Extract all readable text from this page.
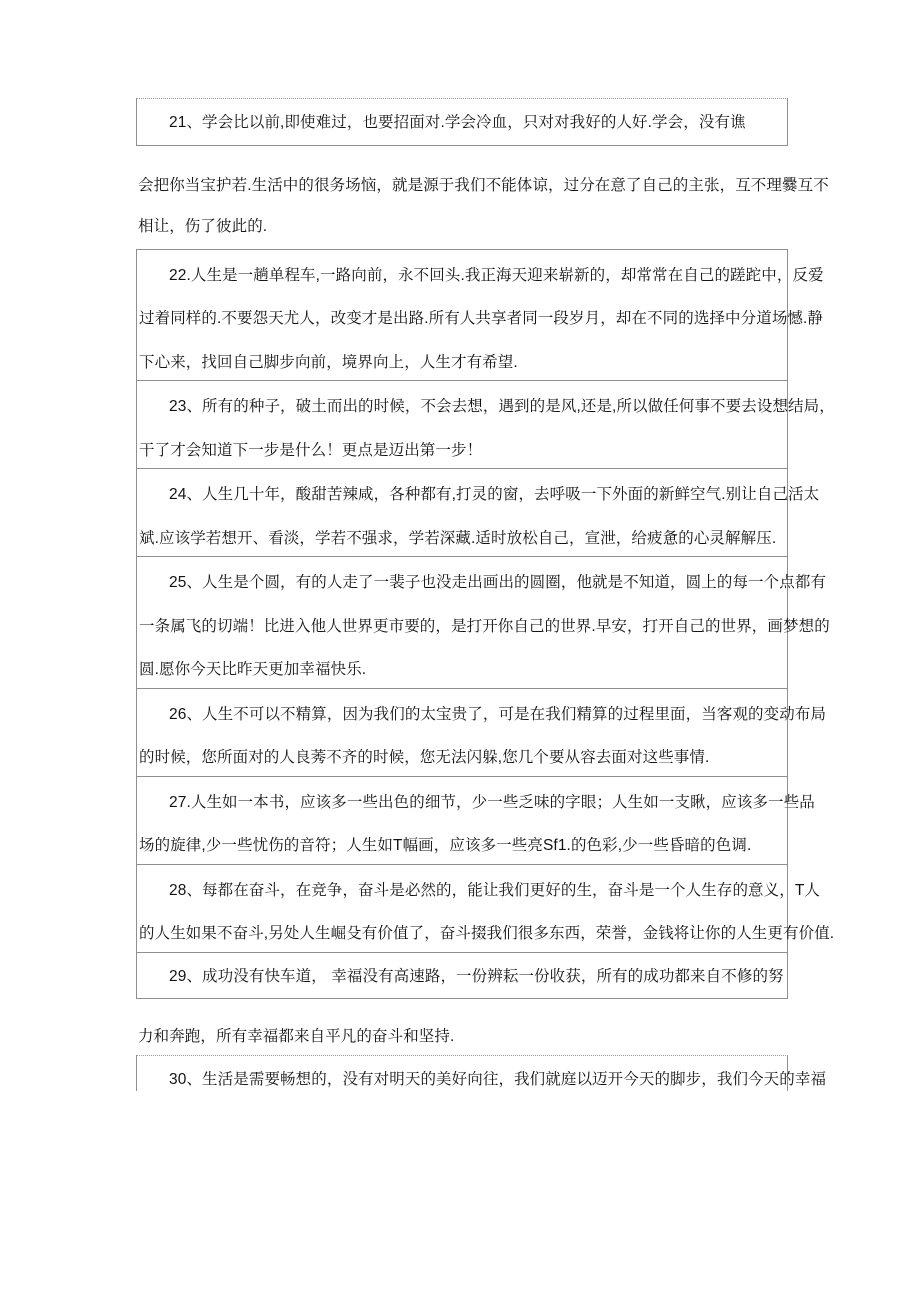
21、学会比以前,即使难过，也要招面对.学会冷血，只对对我好的人好.学会，没有谯
会把你当宝护若.生活中的很务场恼，就是源于我们不能体谅，过分在意了自己的主张，互不理爨互不
相让，伤了彼此的.
22.人生是一趟单程车,一路向前，永不回头.我正海天迎来崭新的，却常常在自己的蹉跎中，反爱
过着同样的.不要怨天尤人，改变才是出路.所有人共享者同一段岁月，却在不同的选择中分道场憾.静
下心来，找回自己脚步向前，境界向上，人生才有希望.
23、所有的种子，破土而出的时候，不会去想，遇到的是风,还是,所以做任何事不要去设想结局，
干了才会知道下一步是什么！更点是迈出第一步！
24、人生几十年，酸甜苦辣咸，各种都有,打灵的窗，去呼吸一下外面的新鲜空气.别让自己活太
斌.应该学若想开、看淡，学若不强求，学若深藏.适时放松自己，宣泄，给疲惫的心灵解解压.
25、人生是个圆，有的人走了一裴子也没走出画出的圆圈，他就是不知道，圆上的每一个点都有
一条属飞的切端！比进入他人世界更市要的，是打开你自己的世界.早安，打开自己的世界，画梦想的
圆.愿你今天比昨天更加幸福快乐.
26、人生不可以不精算，因为我们的太宝贵了，可是在我们精算的过程里面，当客观的变动布局
的时候，您所面对的人良莠不齐的时候，您无法闪躲,您几个要从容去面对这些事情.
27.人生如一本书，应该多一些出色的细节，少一些乏味的字眼；人生如一支瞅，应该多一些品
场的旋律,少一些忧伤的音符；人生如T幅画，应该多一些亮Sf1.的色彩,少一些昏暗的色调.
28、每都在奋斗，在竞争，奋斗是必然的，能让我们更好的生，奋斗是一个人生存的意义，T人
的人生如果不奋斗,另处人生崛殳有价值了，奋斗掇我们很多东西，荣誉，金钱将让你的人生更有价值.
29、成功没有快车道， 幸福没有高速路，一份辨耘一份收获，所有的成功都来自不修的努
力和奔跑，所有幸福都来自平凡的奋斗和坚持.
30、生活是需要畅想的，没有对明天的美好向往，我们就庭以迈开今天的脚步，我们今天的幸福
